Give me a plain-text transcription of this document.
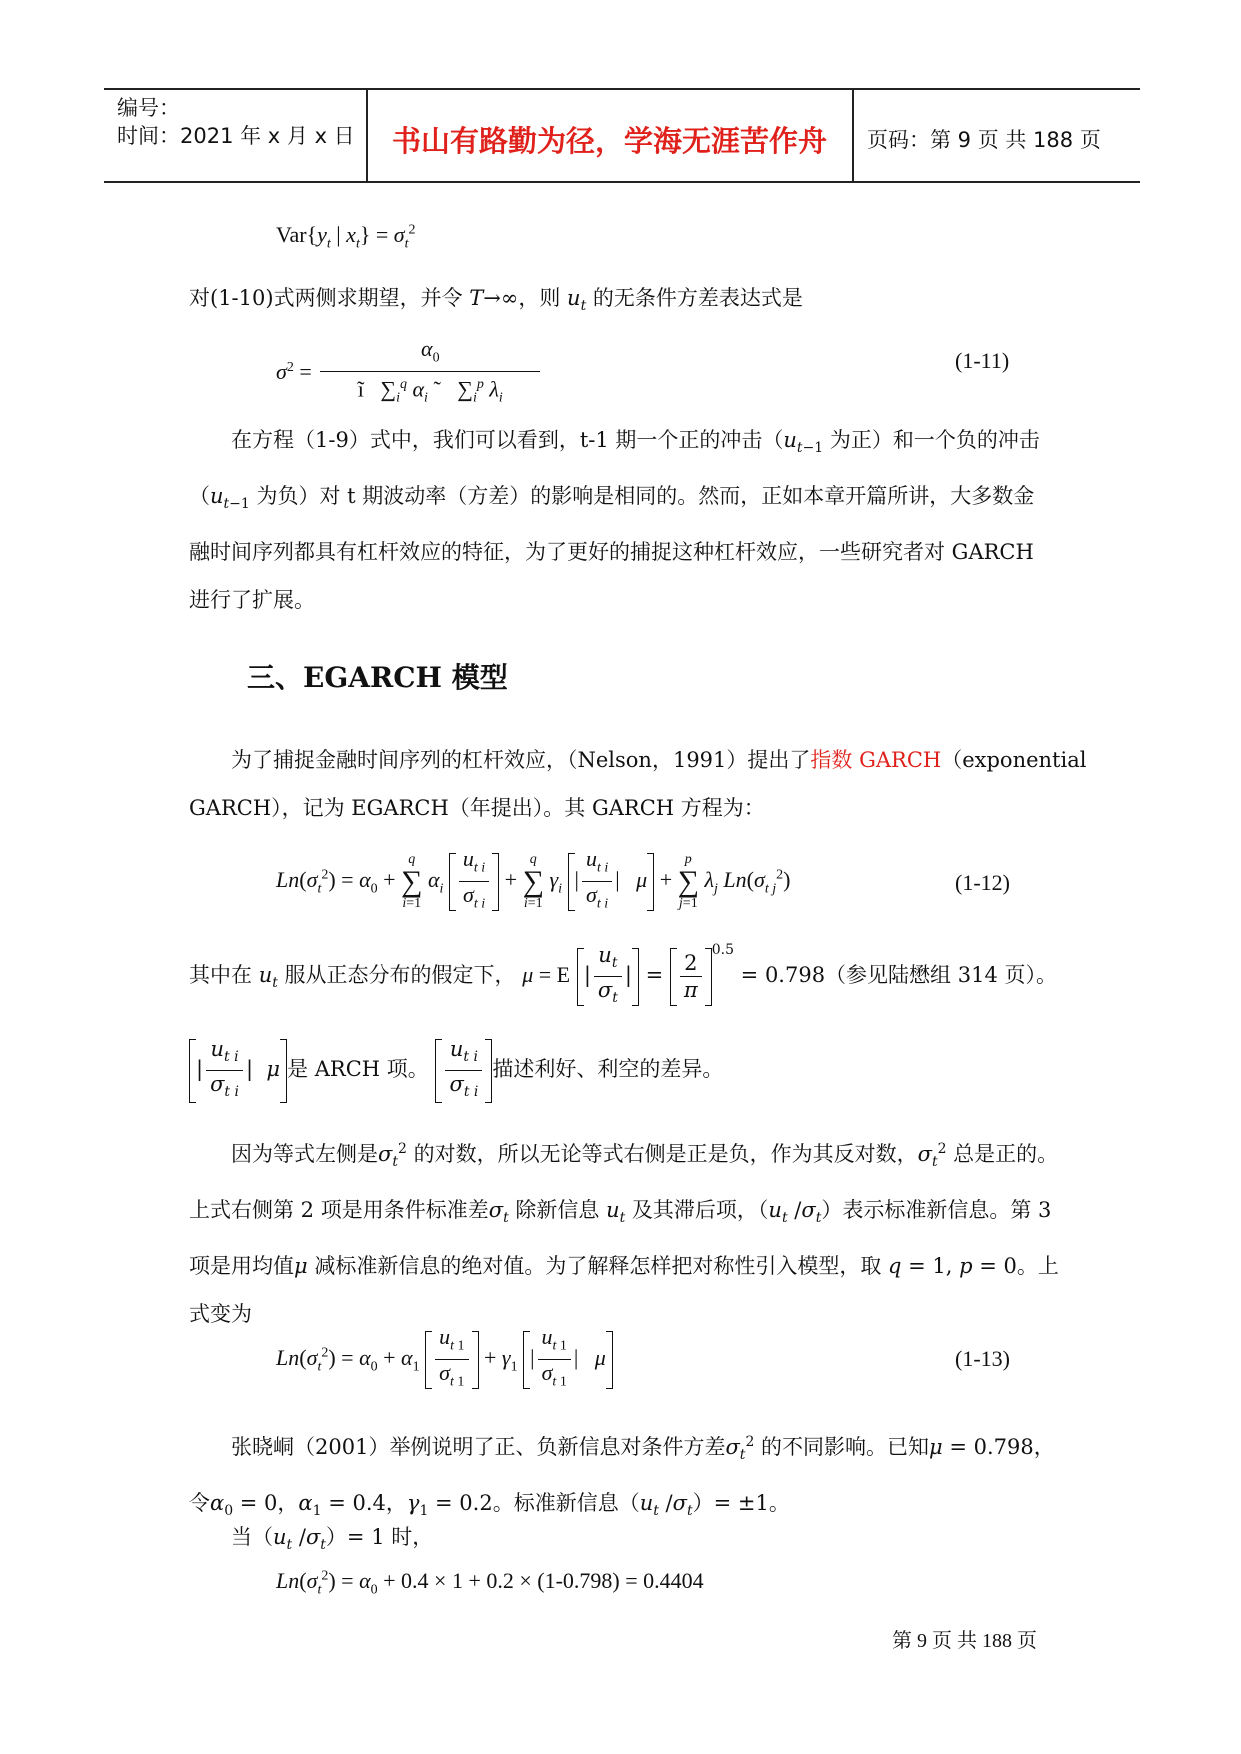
编号：
时间：2021 年 x 月 x 日 书山有路勤为径，学海无涯苦作舟 页码：第 9 页 共 188 页
$Var\{y_t$ | $x_t\} = \sigma_t^2$
对(1-10)式两侧求期望，并令 T→∞，则 $u_t$ 的无条件方差表达式是
$\sigma^2 = \frac{\alpha_0}{ĩ \sum_i^q \alpha_i ˜ \sum_i^p \lambda_i}$	(1-11)
在方程（1-9）式中，我们可以看到，t-1 期一个正的冲击（$u_{t-1}$ 为正）和一个负的冲击
（$u_{t-1}$ 为负）对 t 期波动率（方差）的影响是相同的。然而，正如本章开篇所讲，大多数金
融时间序列都具有杠杆效应的特征，为了更好的捕捉这种杠杆效应，一些研究者对 GARCH
进行了扩展。
三、EGARCH 模型
为了捕捉金融时间序列的杠杆效应，（Nelson，1991）提出了指数 GARCH（exponential
GARCH），记为 EGARCH（年提出）。其 GARCH 方程为：
$Ln(\sigma_t^2) = \alpha_0 + q$
∑
i=1 $\alpha_i \frac{u_{t i}}{\sigma_{t i}} + q$
∑
i=1 $\gamma_i$ | $\frac{u_{t i}}{\sigma_{t i}}$ |   μ + p
∑
j=1 $\lambda_j$ $Ln(\sigma_{t j}^2)$	(1-12)
其中在 $u_t$ 服从正态分布的假定下， μ = E | $\frac{u_t}{\sigma_t}$ | = $\frac{2}{\pi} ^{0.5} = 0.798$（参见陆懋组 314 页）。
| $\frac{u_{t i}}{\sigma_{t i}}$ |  μ 是 ARCH 项。 $\frac{u_{t i}}{\sigma_{t i}}$ 描述利好、利空的差异。
因为等式左侧是$\sigma_t^2$ 的对数，所以无论等式右侧是正是负，作为其反对数，$\sigma_t^2$ 总是正的。
上式右侧第 2 项是用条件标准差$\sigma_t$ 除新信息 $u_t$ 及其滞后项，（$u_t$ $/\sigma_t$）表示标准新信息。第 3
项是用均值μ 减标准新信息的绝对值。为了解释怎样把对称性引入模型，取 q = 1, p = 0。上
式变为
$Ln(\sigma_t^2) = \alpha_0 + \alpha_1 \frac{u_{t 1}}{\sigma_{t 1}} + \gamma_1$ | $\frac{u_{t 1}}{\sigma_{t 1}}$ |   μ	(1-13)
张晓峒（2001）举例说明了正、负新信息对条件方差$\sigma_t^2$ 的不同影响。已知μ = 0.798，
令$\alpha_0 = 0$，$\alpha_1 = 0.4$，$\gamma_1 = 0.2$。标准新信息（$u_t$ $/\sigma_t)= \pm 1$。
当（$u_t$ $/\sigma_t)= 1$ 时，
$Ln(\sigma_t^2) = \alpha_0 + 0.4 \times 1 + 0.2 \times (1-0.798) = 0.4404$
第 9 页 共 188 页
